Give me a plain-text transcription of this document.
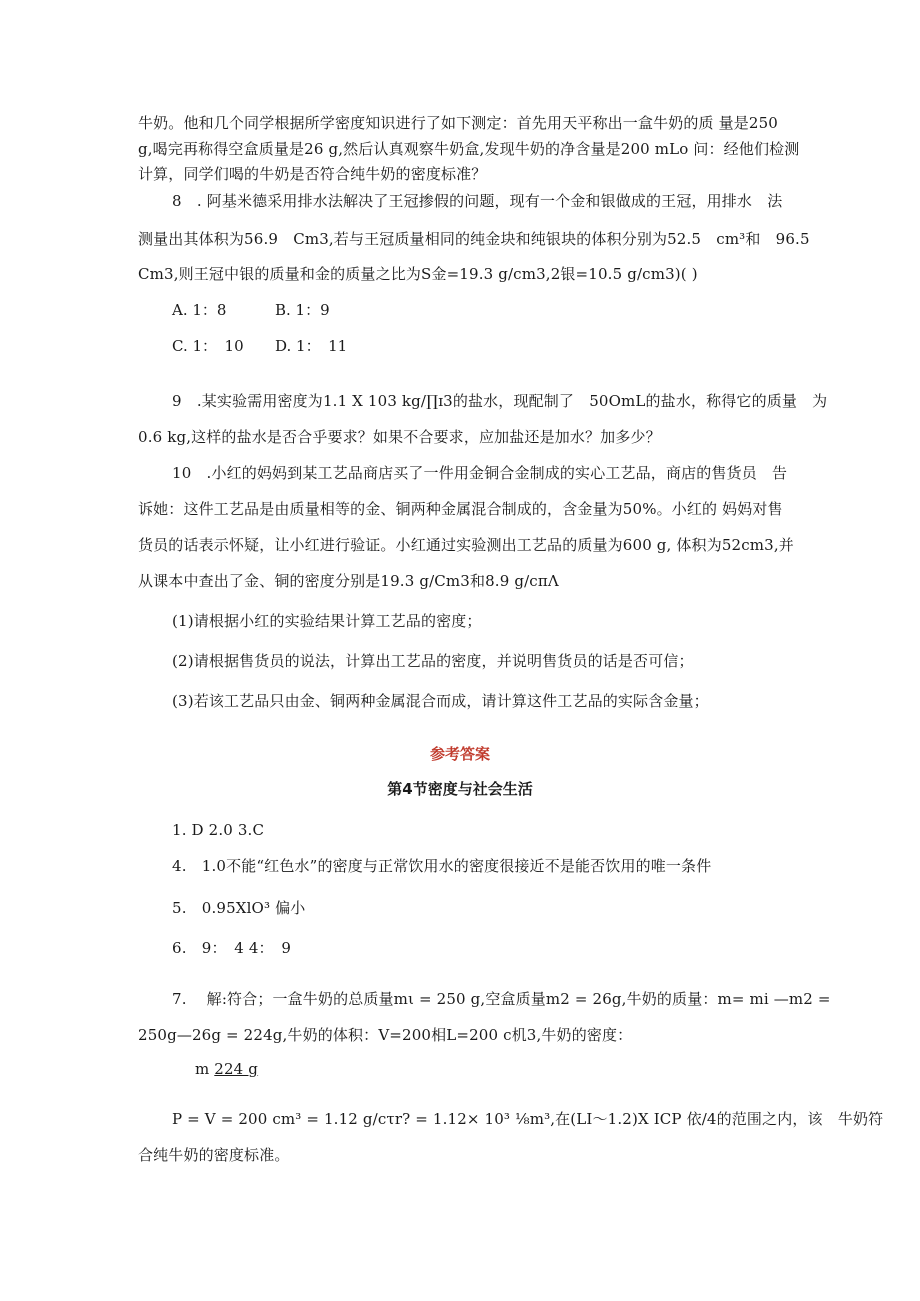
牛奶。他和几个同学根据所学密度知识进行了如下测定：首先用天平称出一盒牛奶的质 量是250
g,喝完再称得空盒质量是26 g,然后认真观察牛奶盒,发现牛奶的净含量是200 mLo 问：经他们检测
计算，同学们喝的牛奶是否符合纯牛奶的密度标准？
8　. 阿基米德采用排水法解决了王冠掺假的问题，现有一个金和银做成的王冠，用排水　法
测量出其体积为56.9　Cm3,若与王冠质量相同的纯金块和纯银块的体积分别为52.5　cm³和　96.5
Cm3,则王冠中银的质量和金的质量之比为S金=19.3 g/cm3,2银=10.5 g/cm3)( )
A. 1：8	B. 1：9
C. 1：　10 D. 1：　11
9　.某实验需用密度为1.1 X 103 kg/∏ɪ3的盐水，现配制了　50OmL的盐水，称得它的质量　为
0.6 kg,这样的盐水是否合乎要求？如果不合要求，应加盐还是加水？加多少？
10　.小红的妈妈到某工艺品商店买了一件用金铜合金制成的实心工艺品，商店的售货员　告
诉她：这件工艺品是由质量相等的金、铜两种金属混合制成的，含金量为50%。小红的 妈妈对售
货员的话表示怀疑，让小红进行验证。小红通过实验测出工艺品的质量为600 g, 体积为52cm3,并
从课本中查出了金、铜的密度分别是19.3 g/Cm3和8.9 g∕cπΛ
(1)请根据小红的实验结果计算工艺品的密度；
(2)请根据售货员的说法，计算出工艺品的密度，并说明售货员的话是否可信；
(3)若该工艺品只由金、铜两种金属混合而成，请计算这件工艺品的实际含金量；
参考答案
第4节密度与社会生活
1. D 2.0 3.C
4.　1.0不能“红色水”的密度与正常饮用水的密度很接近不是能否饮用的唯一条件
5.　0.95XlO³ 偏小
6.　9：　4 4：　9
7.　 解:符合；一盒牛奶的总质量mι = 250 g,空盒质量m2 = 26g,牛奶的质量：m= mi —m2 =
250g—26g = 224g,牛奶的体积：V=200相L=200 c机3,牛奶的密度：
m 224 g
P = V = 200 cm³ = 1.12 g∕cτr? = 1.12× 10³ ⅛m³,在(LI〜1.2)X ICP 依/4的范围之内，该　牛奶符
合纯牛奶的密度标准。
